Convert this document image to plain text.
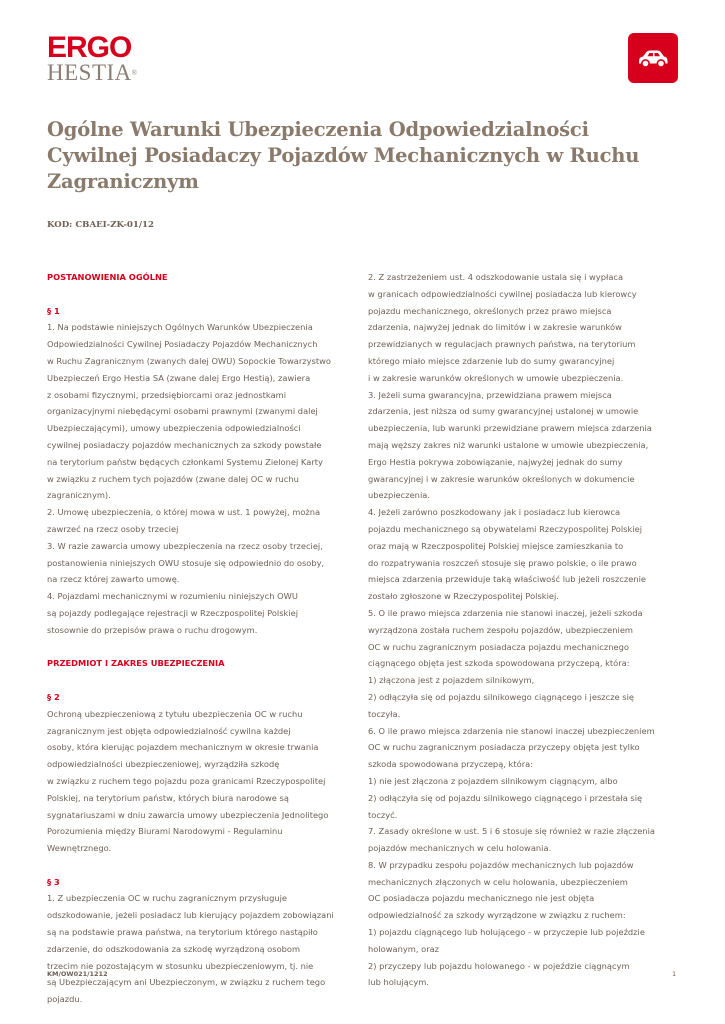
ERGO
HESTIA®
Ogólne Warunki Ubezpieczenia Odpowiedzialności Cywilnej Posiadaczy Pojazdów Mechanicznych w Ruchu Zagranicznym
KOD: CBAEI-ZK-01/12
POSTANOWIENIA OGÓLNE
§ 1
1. Na podstawie niniejszych Ogólnych Warunków Ubezpieczenia
Odpowiedzialności Cywilnej Posiadaczy Pojazdów Mechanicznych
w Ruchu Zagranicznym (zwanych dalej OWU) Sopockie Towarzystwo
Ubezpieczeń Ergo Hestia SA (zwane dalej Ergo Hestią), zawiera
z osobami fizycznymi, przedsiębiorcami oraz jednostkami
organizacyjnymi niebędącymi osobami prawnymi (zwanymi dalej
Ubezpieczającymi), umowy ubezpieczenia odpowiedzialności
cywilnej posiadaczy pojazdów mechanicznych za szkody powstałe
na terytorium państw będących członkami Systemu Zielonej Karty
w związku z ruchem tych pojazdów (zwane dalej OC w ruchu
zagranicznym).
2. Umowę ubezpieczenia, o której mowa w ust. 1 powyżej, można
zawrzeć na rzecz osoby trzeciej
3. W razie zawarcia umowy ubezpieczenia na rzecz osoby trzeciej,
postanowienia niniejszych OWU stosuje się odpowiednio do osoby,
na rzecz której zawarto umowę.
4. Pojazdami mechanicznymi w rozumieniu niniejszych OWU
są pojazdy podlegające rejestracji w Rzeczpospolitej Polskiej
stosownie do przepisów prawa o ruchu drogowym.
PRZEDMIOT I ZAKRES UBEZPIECZENIA
§ 2
Ochroną ubezpieczeniową z tytułu ubezpieczenia OC w ruchu
zagranicznym jest objęta odpowiedzialność cywilna każdej
osoby, która kierując pojazdem mechanicznym w okresie trwania
odpowiedzialności ubezpieczeniowej, wyrządziła szkodę
w związku z ruchem tego pojazdu poza granicami Rzeczypospolitej
Polskiej, na terytorium państw, których biura narodowe są
sygnatariuszami w dniu zawarcia umowy ubezpieczenia Jednolitego
Porozumienia między Biurami Narodowymi - Regulaminu
Wewnętrznego.
§ 3
1. Z ubezpieczenia OC w ruchu zagranicznym przysługuje
odszkodowanie, jeżeli posiadacz lub kierujący pojazdem zobowiązani
są na podstawie prawa państwa, na terytorium którego nastąpiło
zdarzenie, do odszkodowania za szkodę wyrządzoną osobom
trzecim nie pozostającym w stosunku ubezpieczeniowym, tj. nie
są Ubezpieczającym ani Ubezpieczonym, w związku z ruchem tego
pojazdu.
2. Z zastrzeżeniem ust. 4 odszkodowanie ustala się i wypłaca
w granicach odpowiedzialności cywilnej posiadacza lub kierowcy
pojazdu mechanicznego, określonych przez prawo miejsca
zdarzenia, najwyżej jednak do limitów i w zakresie warunków
przewidzianych w regulacjach prawnych państwa, na terytorium
którego miało miejsce zdarzenie lub do sumy gwarancyjnej
i w zakresie warunków określonych w umowie ubezpieczenia.
3. Jeżeli suma gwarancyjna, przewidziana prawem miejsca
zdarzenia, jest niższa od sumy gwarancyjnej ustalonej w umowie
ubezpieczenia, lub warunki przewidziane prawem miejsca zdarzenia
mają węższy zakres niż warunki ustalone w umowie ubezpieczenia,
Ergo Hestia pokrywa zobowiązanie, najwyżej jednak do sumy
gwarancyjnej i w zakresie warunków określonych w dokumencie
ubezpieczenia.
4. Jeżeli zarówno poszkodowany jak i posiadacz lub kierowca
pojazdu mechanicznego są obywatelami Rzeczypospolitej Polskiej
oraz mają w Rzeczpospolitej Polskiej miejsce zamieszkania to
do rozpatrywania roszczeń stosuje się prawo polskie, o ile prawo
miejsca zdarzenia przewiduje taką właściwość lub jeżeli roszczenie
zostało zgłoszone w Rzeczypospolitej Polskiej.
5. O ile prawo miejsca zdarzenia nie stanowi inaczej, jeżeli szkoda
wyrządzona została ruchem zespołu pojazdów, ubezpieczeniem
OC w ruchu zagranicznym posiadacza pojazdu mechanicznego
ciągnącego objęta jest szkoda spowodowana przyczepą, która:
1) złączona jest z pojazdem silnikowym,
2) odłączyła się od pojazdu silnikowego ciągnącego i jeszcze się
toczyła.
6. O ile prawo miejsca zdarzenia nie stanowi inaczej ubezpieczeniem
OC w ruchu zagranicznym posiadacza przyczepy objęta jest tylko
szkoda spowodowana przyczepą, która:
1) nie jest złączona z pojazdem silnikowym ciągnącym, albo
2) odłączyła się od pojazdu silnikowego ciągnącego i przestała się
toczyć.
7. Zasady określone w ust. 5 i 6 stosuje się również w razie złączenia
pojazdów mechanicznych w celu holowania.
8. W przypadku zespołu pojazdów mechanicznych lub pojazdów
mechanicznych złączonych w celu holowania, ubezpieczeniem
OC posiadacza pojazdu mechanicznego nie jest objęta
odpowiedzialność za szkody wyrządzone w związku z ruchem:
1) pojazdu ciągnącego lub holującego - w przyczepie lub pojeździe
holowanym, oraz
2) przyczepy lub pojazdu holowanego - w pojeździe ciągnącym
lub holującym.
KM/OW021/1212	1
